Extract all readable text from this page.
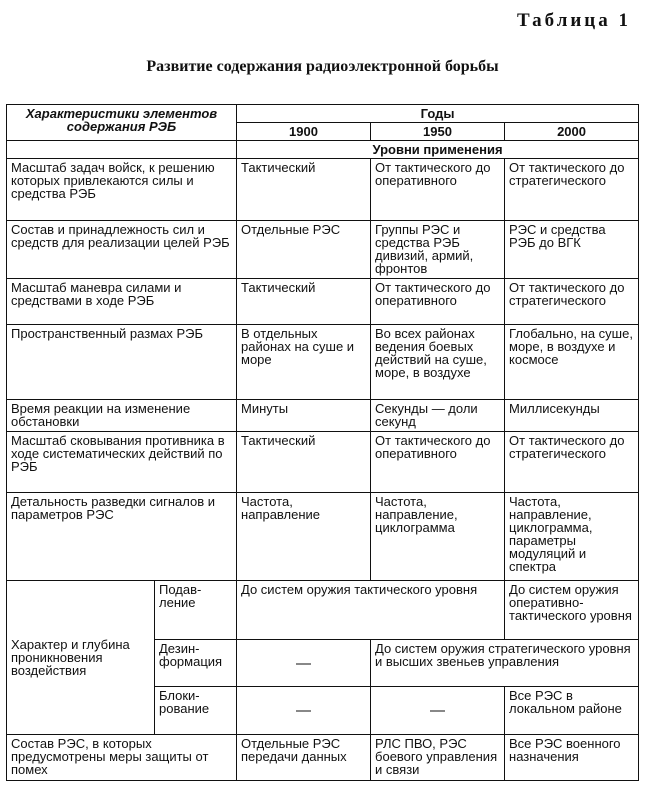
Таблица 1
Развитие содержания радиоэлектронной борьбы
Характеристики элементов содержания РЭБ		Годы		
		1900	1950	2000
		Уровни применения		
Масштаб задач войск, к решению которых привлекаются силы и средства РЭБ		Тактический	От тактического до оперативного	От тактического до стратегического
Состав и принадлежность сил и средств для реализации целей РЭБ		Отдельные РЭС	Группы РЭС и средства РЭБ дивизий, армий, фронтов	РЭС и средства РЭБ до ВГК
Масштаб маневра силами и средствами в ходе РЭБ		Тактический	От тактического до оперативного	От тактического до стратегического
Пространственный размах РЭБ		В отдельных районах на суше и море	Во всех районах ведения боевых действий на суше, море, в воздухе	Глобально, на суше, море, в воздухе и космосе
Время реакции на изменение обстановки		Минуты	Секунды — доли секунд	Миллисекунды
Масштаб сковывания противника в ходе систематических действий по РЭБ		Тактический	От тактического до оперативного	От тактического до стратегического
Детальность разведки сигналов и параметров РЭС		Частота, направление	Частота, направление, циклограмма	Частота, направление, циклограмма, параметры модуляций и спектра
Характер и глубина проникновения воздействия	Подав-ление	До систем оружия тактического уровня		До систем оружия оперативно-тактического уровня
	Дезин-формация	—	До систем оружия стратегического уровня и высших звеньев управления	
	Блоки-рование	—	—	Все РЭС в локальном районе
Состав РЭС, в которых предусмотрены меры защиты от помех		Отдельные РЭС передачи данных	РЛС ПВО, РЭС боевого управления и связи	Все РЭС военного назначения
